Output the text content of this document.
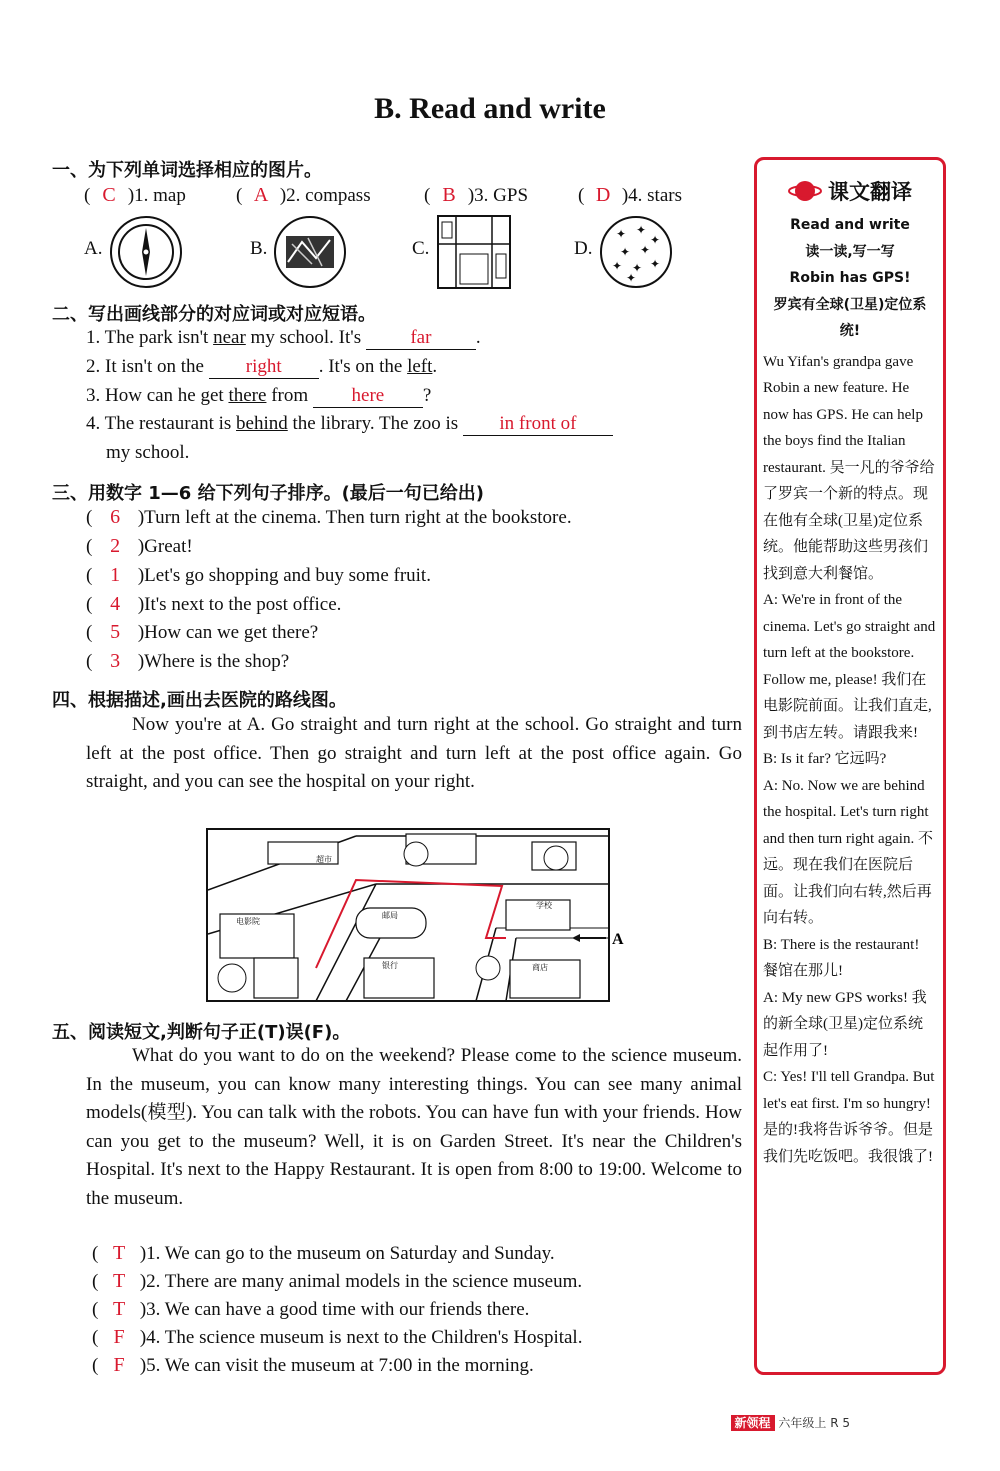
B. Read and write
一、为下列单词选择相应的图片。
( C )1. map	( A )2. compass	( B )3. GPS	( D )4. stars
A.	B.	C.	D.
✦ ✦
✦
✦ ✦
✦ ✦ ✦
✦
二、写出画线部分的对应词或对应短语。
1. The park isn't near my school. It's far .
2. It isn't on the right . It's on the left.
3. How can he get there from here ?
4. The restaurant is behind the library. The zoo is in front of
my school.
三、用数字 1—6 给下列句子排序。(最后一句已给出)
( 6 )Turn left at the cinema. Then turn right at the bookstore.
( 2 )Great!
( 1 )Let's go shopping and buy some fruit.
( 4 )It's next to the post office.
( 5 )How can we get there?
( 3 )Where is the shop?
四、根据描述,画出去医院的路线图。
Now you're at A. Go straight and turn right at the school. Go straight and turn left at the post office. Then go straight and turn left at the post office again. Go straight, and you can see the hospital on your right.
超市
邮局
电影院
学校
银行	商店
A
五、阅读短文,判断句子正(T)误(F)。
What do you want to do on the weekend? Please come to the science museum. In the museum, you can know many interesting things. You can see many animal models(模型). You can talk with the robots. You can have fun with your friends. How can you get to the museum? Well, it is on Garden Street. It's near the Children's Hospital. It's next to the Happy Restaurant. It is open from 8:00 to 19:00. Welcome to the museum.
( T )1. We can go to the museum on Saturday and Sunday.
( T )2. There are many animal models in the science museum.
( T )3. We can have a good time with our friends there.
( F )4. The science museum is next to the Children's Hospital.
( F )5. We can visit the museum at 7:00 in the morning.
课文翻译
Read and write
读一读,写一写
Robin has GPS!
罗宾有全球(卫星)定位系统!
Wu Yifan's grandpa gave Robin a new feature. He now has GPS. He can help the boys find the Italian restaurant. 吴一凡的爷爷给了罗宾一个新的特点。现在他有全球(卫星)定位系统。他能帮助这些男孩们找到意大利餐馆。
A: We're in front of the cinema. Let's go straight and turn left at the bookstore. Follow me, please! 我们在电影院前面。让我们直走,到书店左转。请跟我来!
B: Is it far? 它远吗?
A: No. Now we are behind the hospital. Let's turn right and then turn right again. 不远。现在我们在医院后面。让我们向右转,然后再向右转。
B: There is the restaurant! 餐馆在那儿!
A: My new GPS works! 我的新全球(卫星)定位系统起作用了!
C: Yes! I'll tell Grandpa. But let's eat first. I'm so hungry! 是的!我将告诉爷爷。但是我们先吃饭吧。我很饿了!
新领程 六年级上 R 5
